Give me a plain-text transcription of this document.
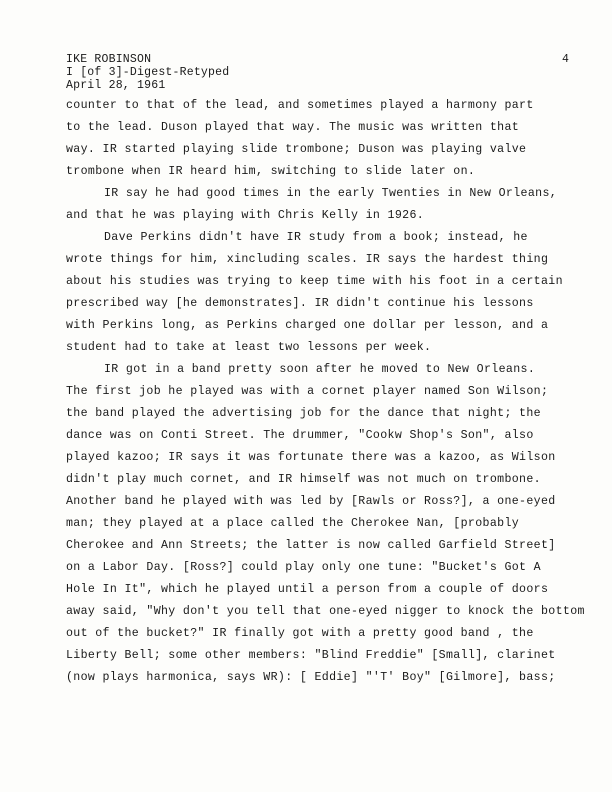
IKE ROBINSON
I [of 3]-Digest-Retyped
April 28, 1961
4
counter to that of the lead, and sometimes played a harmony part
to the lead. Duson played that way. The music was written that
way. IR started playing slide trombone; Duson was playing valve
trombone when IR heard him, switching to slide later on.
IR say he had good times in the early Twenties in New Orleans,
and that he was playing with Chris Kelly in 1926.
Dave Perkins didn't have IR study from a book; instead, he
wrote things for him, xincluding scales. IR says the hardest thing
about his studies was trying to keep time with his foot in a certain
prescribed way [he demonstrates]. IR didn't continue his lessons
with Perkins long, as Perkins charged one dollar per lesson, and a
student had to take at least two lessons per week.
IR got in a band pretty soon after he moved to New Orleans.
The first job he played was with a cornet player named Son Wilson;
the band played the advertising job for the dance that night; the
dance was on Conti Street. The drummer, "Cookw Shop's Son", also
played kazoo; IR says it was fortunate there was a kazoo, as Wilson
didn't play much cornet, and IR himself was not much on trombone.
Another band he played with was led by [Rawls or Ross?], a one-eyed
man; they played at a place called the Cherokee Nan, [probably
Cherokee and Ann Streets; the latter is now called Garfield Street]
on a Labor Day. [Ross?] could play only one tune: "Bucket's Got A
Hole In It", which he played until a person from a couple of doors
away said, "Why don't you tell that one-eyed nigger to knock the bottom
out of the bucket?" IR finally got with a pretty good band , the
Liberty Bell; some other members: "Blind Freddie" [Small], clarinet
(now plays harmonica, says WR): [ Eddie] "'T' Boy" [Gilmore], bass;
